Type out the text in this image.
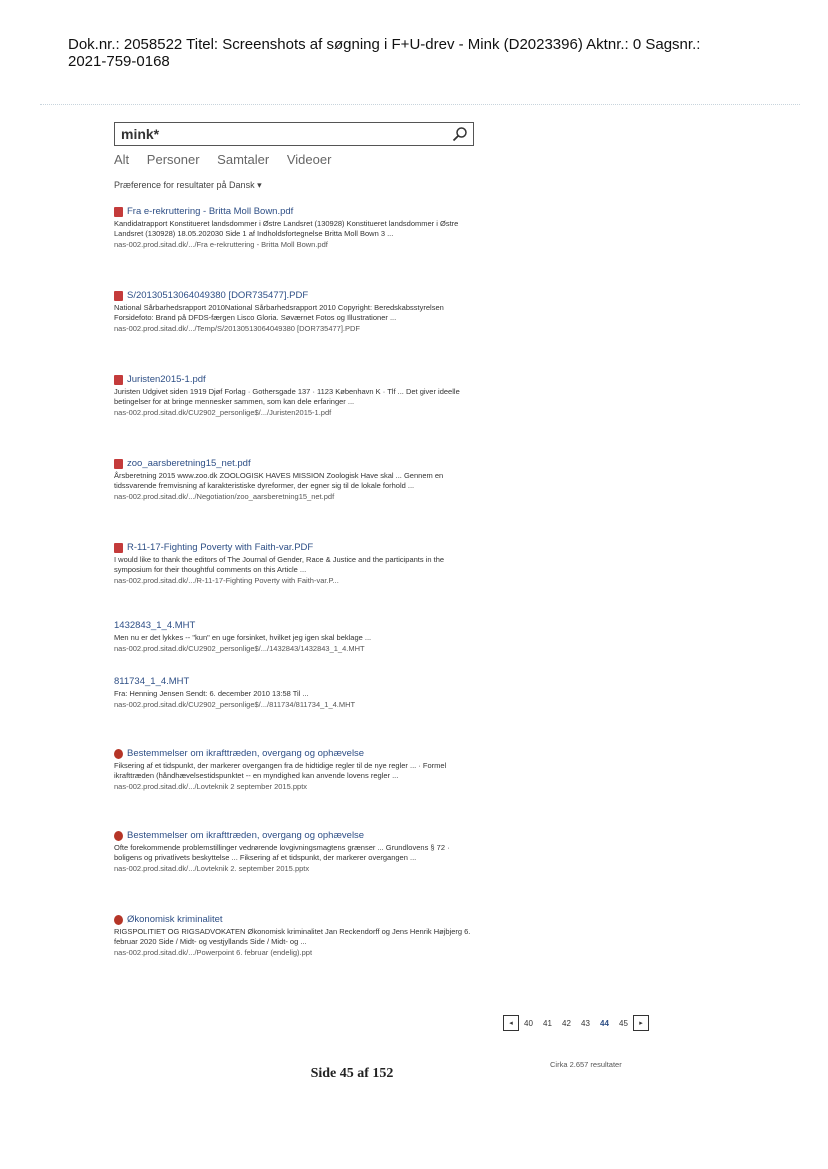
Dok.nr.: 2058522 Titel: Screenshots af søgning i F+U-drev - Mink (D2023396) Aktnr.: 0 Sagsnr.:
2021-759-0168
mink*
Alt Personer Samtaler Videoer
Præference for resultater på Dansk ▾
Fra e-rekruttering - Britta Moll Bown.pdf
Kandidatrapport Konstitueret landsdommer i Østre Landsret (130928) Konstitueret landsdommer i Østre Landsret (130928) 18.05.202030 Side 1 af Indholdsfortegnelse Britta Moll Bown 3 ...
nas-002.prod.sitad.dk/.../Fra e-rekruttering - Britta Moll Bown.pdf
S/20130513064049380 [DOR735477].PDF
National Sårbarhedsrapport 2010National Sårbarhedsrapport 2010 Copyright: Beredskabsstyrelsen Forsidefoto: Brand på DFDS-færgen Lisco Gloria. Søværnet Fotos og Illustrationer ...
nas-002.prod.sitad.dk/.../Temp/S/20130513064049380 [DOR735477].PDF
Juristen2015-1.pdf
Juristen Udgivet siden 1919 Djøf Forlag · Gothersgade 137 · 1123 København K · Tlf ... Det giver ideelle betingelser for at bringe mennesker sammen, som kan dele erfaringer ...
nas-002.prod.sitad.dk/CU2902_personlige$/.../Juristen2015-1.pdf
zoo_aarsberetning15_net.pdf
Årsberetning 2015 www.zoo.dk ZOOLOGISK HAVES MISSION Zoologisk Have skal ... Gennem en tidssvarende fremvisning af karakteristiske dyreformer, der egner sig til de lokale forhold ...
nas-002.prod.sitad.dk/.../Negotiation/zoo_aarsberetning15_net.pdf
R-11-17-Fighting Poverty with Faith-var.PDF
I would like to thank the editors of The Journal of Gender, Race & Justice and the participants in the symposium for their thoughtful comments on this Article ...
nas-002.prod.sitad.dk/.../R-11-17-Fighting Poverty with Faith-var.P...
1432843_1_4.MHT
Men nu er det lykkes -- "kun" en uge forsinket, hvilket jeg igen skal beklage ...
nas-002.prod.sitad.dk/CU2902_personlige$/.../1432843/1432843_1_4.MHT
811734_1_4.MHT
Fra: Henning Jensen Sendt: 6. december 2010 13:58 Til ...
nas-002.prod.sitad.dk/CU2902_personlige$/.../811734/811734_1_4.MHT
Bestemmelser om ikrafttræden, overgang og ophævelse
Fiksering af et tidspunkt, der markerer overgangen fra de hidtidige regler til de nye regler ... · Formel ikrafttræden (håndhævelsestidspunktet -- en myndighed kan anvende lovens regler ...
nas-002.prod.sitad.dk/.../Lovteknik 2 september 2015.pptx
Bestemmelser om ikrafttræden, overgang og ophævelse
Ofte forekommende problemstillinger vedrørende lovgivningsmagtens grænser ... Grundlovens § 72 · boligens og privatlivets beskyttelse ... Fiksering af et tidspunkt, der markerer overgangen ...
nas-002.prod.sitad.dk/.../Lovteknik 2. september 2015.pptx
Økonomisk kriminalitet
RIGSPOLITIET OG RIGSADVOKATEN Økonomisk kriminalitet Jan Reckendorff og Jens Henrik Højbjerg 6. februar 2020 Side / Midt- og vestjyllands Side / Midt- og ...
nas-002.prod.sitad.dk/.../Powerpoint 6. februar (endelig).ppt
◂	40	41	42	43	44	45	▸
Cirka 2.657 resultater
Side 45 af 152
